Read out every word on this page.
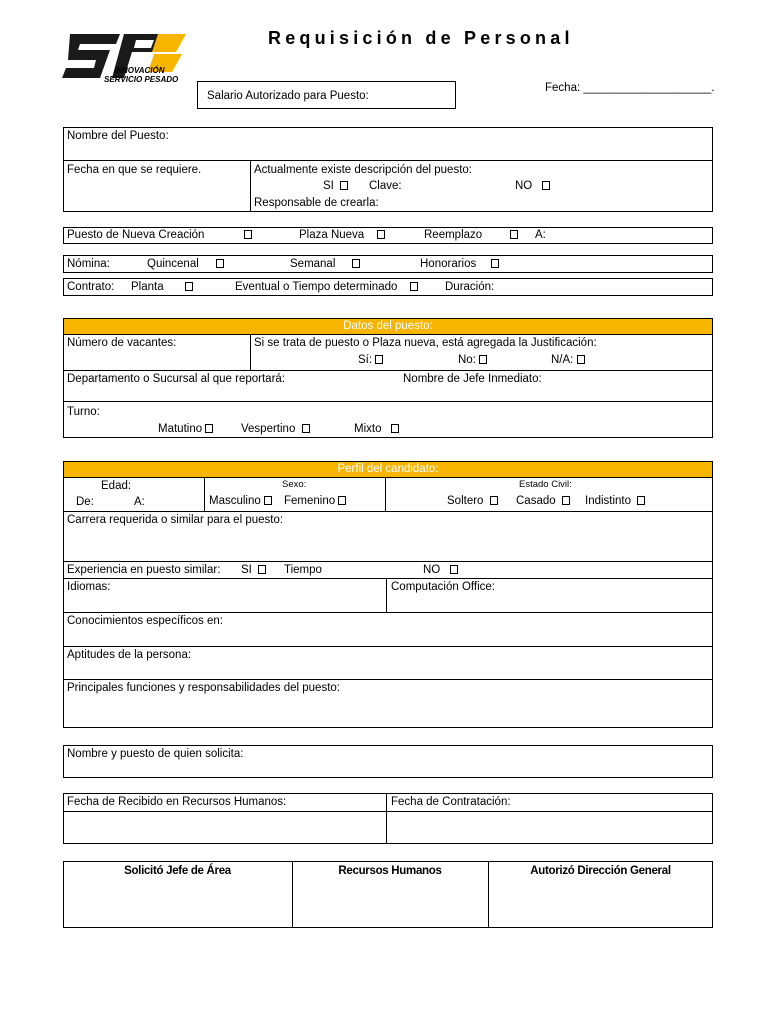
INNOVACIÓN
SERVICIO PESADO
Requisición de Personal
Salario Autorizado para Puesto:
Fecha: ____________________.
Nombre del Puesto:
Fecha en que se requiere.	Actualmente existe descripción del puesto:
SI	Clave:	NO
Responsable de crearla:
Puesto de Nueva Creación	Plaza Nueva	Reemplazo	A:
Nómina:	Quincenal	Semanal	Honorarios
Contrato: Planta	Eventual o Tiempo determinado	Duración:
Datos del puesto:
Número de vacantes:	Si se trata de puesto o Plaza nueva, está agregada la Justificación:
Sí:	No:	N/A:
Departamento o Sucursal al que reportará:	Nombre de Jefe Inmediato:
Turno:
Matutino	Vespertino	Mixto
Perfil del candidato:
Edad:
De:	A:
Sexo:
Masculino	Femenino
Estado Civil:
Soltero	Casado	Indistinto
Carrera requerida o similar para el puesto:
Experiencia en puesto similar: SI	Tiempo	NO
Idiomas:	Computación Office:
Conocimientos específicos en:
Aptitudes de la persona:
Principales funciones y responsabilidades del puesto:
Nombre y puesto de quien solicita:
Fecha de Recibido en Recursos Humanos:	Fecha de Contratación:
Solicitó Jefe de Área	Recursos Humanos	Autorizó Dirección General
